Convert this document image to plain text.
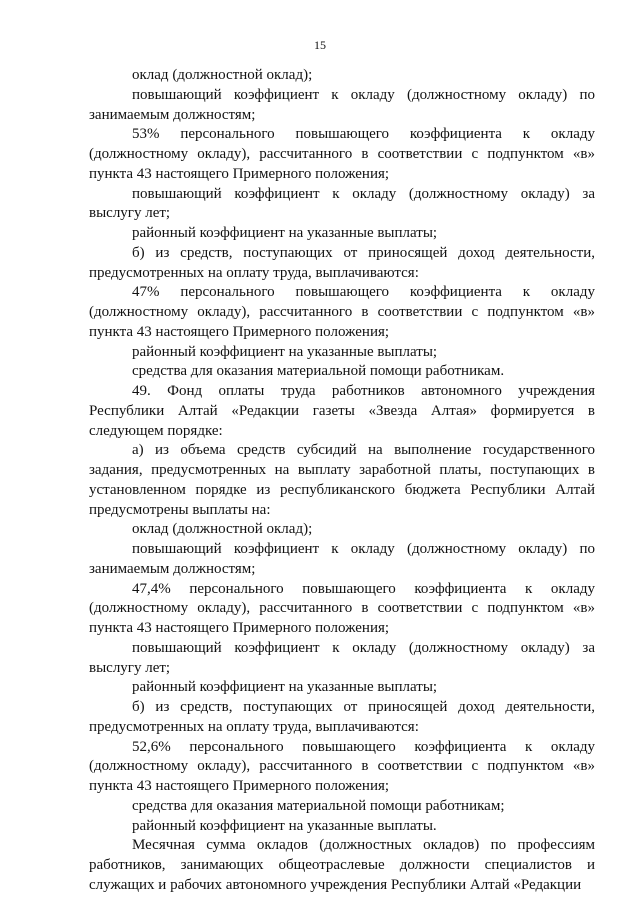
15

оклад (должностной оклад);

повышающий коэффициент к окладу (должностному окладу) по занимаемым должностям;

53% персонального повышающего коэффициента к окладу (должностному окладу), рассчитанного в соответствии с подпунктом «в» пункта 43 настоящего Примерного положения;

повышающий коэффициент к окладу (должностному окладу) за выслугу лет;

районный коэффициент на указанные выплаты;

б) из средств, поступающих от приносящей доход деятельности, предусмотренных на оплату труда, выплачиваются:

47% персонального повышающего коэффициента к окладу (должностному окладу), рассчитанного в соответствии с подпунктом «в» пункта 43 настоящего Примерного положения;

районный коэффициент на указанные выплаты;

средства для оказания материальной помощи работникам.

49. Фонд оплаты труда работников автономного учреждения Республики Алтай «Редакции газеты «Звезда Алтая» формируется в следующем порядке:

а) из объема средств субсидий на выполнение государственного задания, предусмотренных на выплату заработной платы, поступающих в установленном порядке из республиканского бюджета Республики Алтай предусмотрены выплаты на:

оклад (должностной оклад);

повышающий коэффициент к окладу (должностному окладу) по занимаемым должностям;

47,4% персонального повышающего коэффициента к окладу (должностному окладу), рассчитанного в соответствии с подпунктом «в» пункта 43 настоящего Примерного положения;

повышающий коэффициент к окладу (должностному окладу) за выслугу лет;

районный коэффициент на указанные выплаты;

б) из средств, поступающих от приносящей доход деятельности, предусмотренных на оплату труда, выплачиваются:

52,6% персонального повышающего коэффициента к окладу (должностному окладу), рассчитанного в соответствии с подпунктом «в» пункта 43 настоящего Примерного положения;

средства для оказания материальной помощи работникам;

районный коэффициент на указанные выплаты.

Месячная сумма окладов (должностных окладов) по профессиям работников, занимающих общеотраслевые должности специалистов и служащих и рабочих автономного учреждения Республики Алтай «Редакции
